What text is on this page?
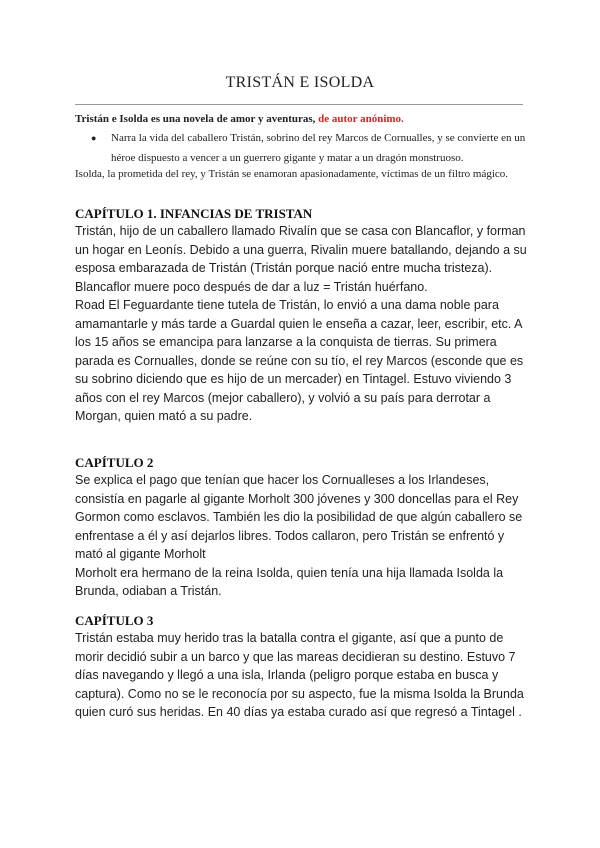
TRISTÁN E ISOLDA
Tristán e Isolda es una novela de amor y aventuras, de autor anónimo.
● Narra la vida del caballero Tristán, sobrino del rey Marcos de Cornualles, y se convierte en un héroe dispuesto a vencer a un guerrero gigante y matar a un dragón monstruoso.
Isolda, la prometida del rey, y Tristán se enamoran apasionadamente, víctimas de un filtro mágico.
CAPÍTULO 1. INFANCIAS DE TRISTAN

Tristán, hijo de un caballero llamado Rivalín que se casa con Blancaflor, y forman un hogar en Leonís. Debido a una guerra, Rivalin muere batallando, dejando a su esposa embarazada de Tristán (Tristán porque nació entre mucha tristeza). Blancaflor muere poco después de dar a luz = Tristán huérfano.

Road El Feguardante tiene tutela de Tristán, lo envió a una dama noble para amamantarle y más tarde a Guardal quien le enseña a cazar, leer, escribir, etc. A los 15 años se emancipa para lanzarse a la conquista de tierras. Su primera parada es Cornualles, donde se reúne con su tío, el rey Marcos (esconde que es su sobrino diciendo que es hijo de un mercader) en Tintagel. Estuvo viviendo 3 años con el rey Marcos (mejor caballero), y volvió a su país para derrotar a Morgan, quien mató a su padre.

CAPÍTULO 2

Se explica el pago que tenían que hacer los Cornualleses a los Irlandeses, consistía en pagarle al gigante Morholt 300 jóvenes y 300 doncellas para el Rey Gormon como esclavos. También les dio la posibilidad de que algún caballero se enfrentase a él y así dejarlos libres. Todos callaron, pero Tristán se enfrentó y mató al gigante Morholt

Morholt era hermano de la reina Isolda, quien tenía una hija llamada Isolda la Brunda, odiaban a Tristán.

CAPÍTULO 3

Tristán estaba muy herido tras la batalla contra el gigante, así que a punto de morir decidió subir a un barco y que las mareas decidieran su destino. Estuvo 7 días navegando y llegó a una isla, Irlanda (peligro porque estaba en busca y captura). Como no se le reconocía por su aspecto, fue la misma Isolda la Brunda quien curó sus heridas. En 40 días ya estaba curado así que regresó a Tintagel .
